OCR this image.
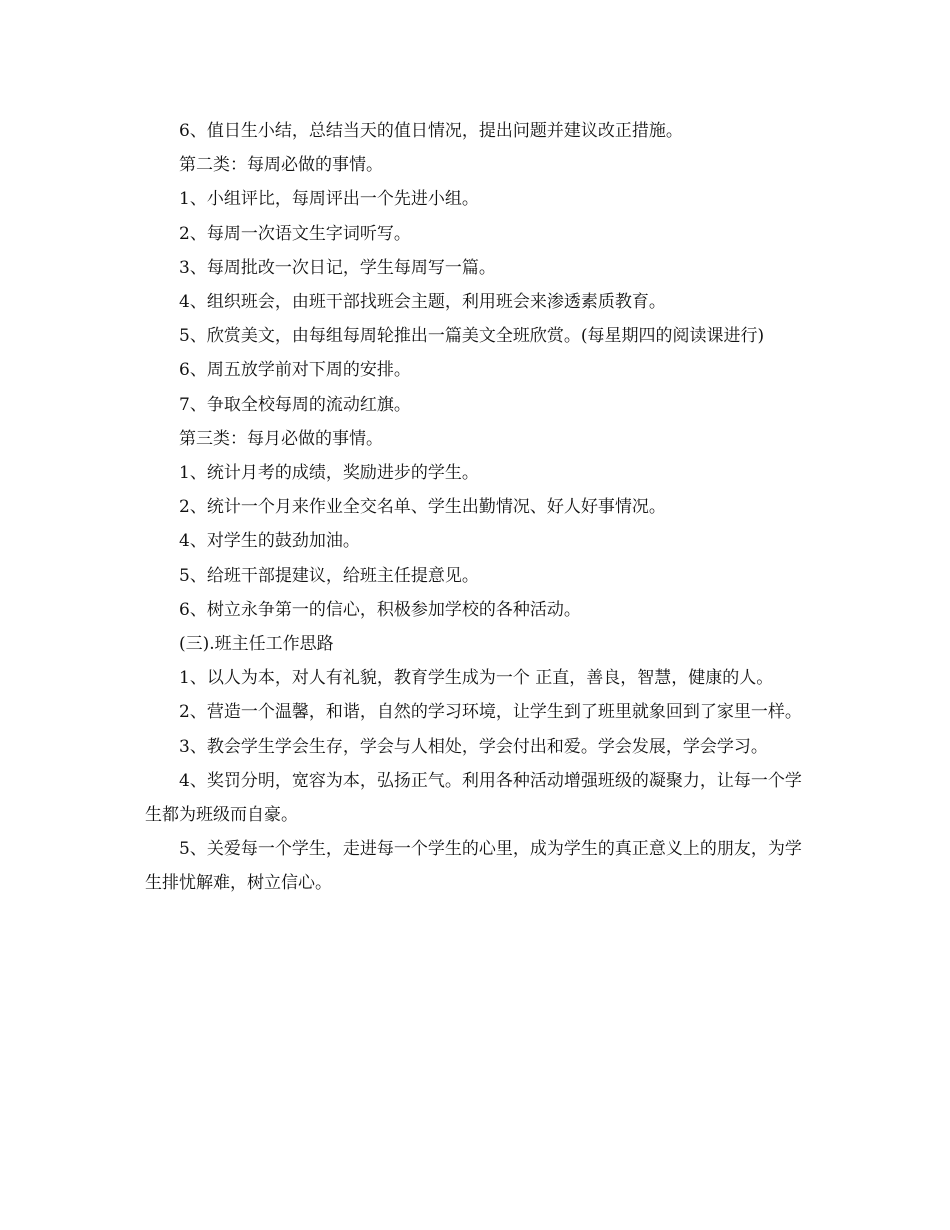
6、值日生小结，总结当天的值日情况，提出问题并建议改正措施。

第二类：每周必做的事情。

1、小组评比，每周评出一个先进小组。

2、每周一次语文生字词听写。

3、每周批改一次日记，学生每周写一篇。

4、组织班会，由班干部找班会主题，利用班会来渗透素质教育。

5、欣赏美文，由每组每周轮推出一篇美文全班欣赏。(每星期四的阅读课进行)

6、周五放学前对下周的安排。

7、争取全校每周的流动红旗。

第三类：每月必做的事情。

1、统计月考的成绩，奖励进步的学生。

2、统计一个月来作业全交名单、学生出勤情况、好人好事情况。

4、对学生的鼓劲加油。

5、给班干部提建议，给班主任提意见。

6、树立永争第一的信心，积极参加学校的各种活动。

(三).班主任工作思路

1、以人为本，对人有礼貌，教育学生成为一个 正直，善良，智慧，健康的人。

2、营造一个温馨，和谐，自然的学习环境，让学生到了班里就象回到了家里一样。

3、教会学生学会生存，学会与人相处，学会付出和爱。学会发展，学会学习。

4、奖罚分明，宽容为本，弘扬正气。利用各种活动增强班级的凝聚力，让每一个学生都为班级而自豪。

5、关爱每一个学生，走进每一个学生的心里，成为学生的真正意义上的朋友，为学生排忧解难，树立信心。
